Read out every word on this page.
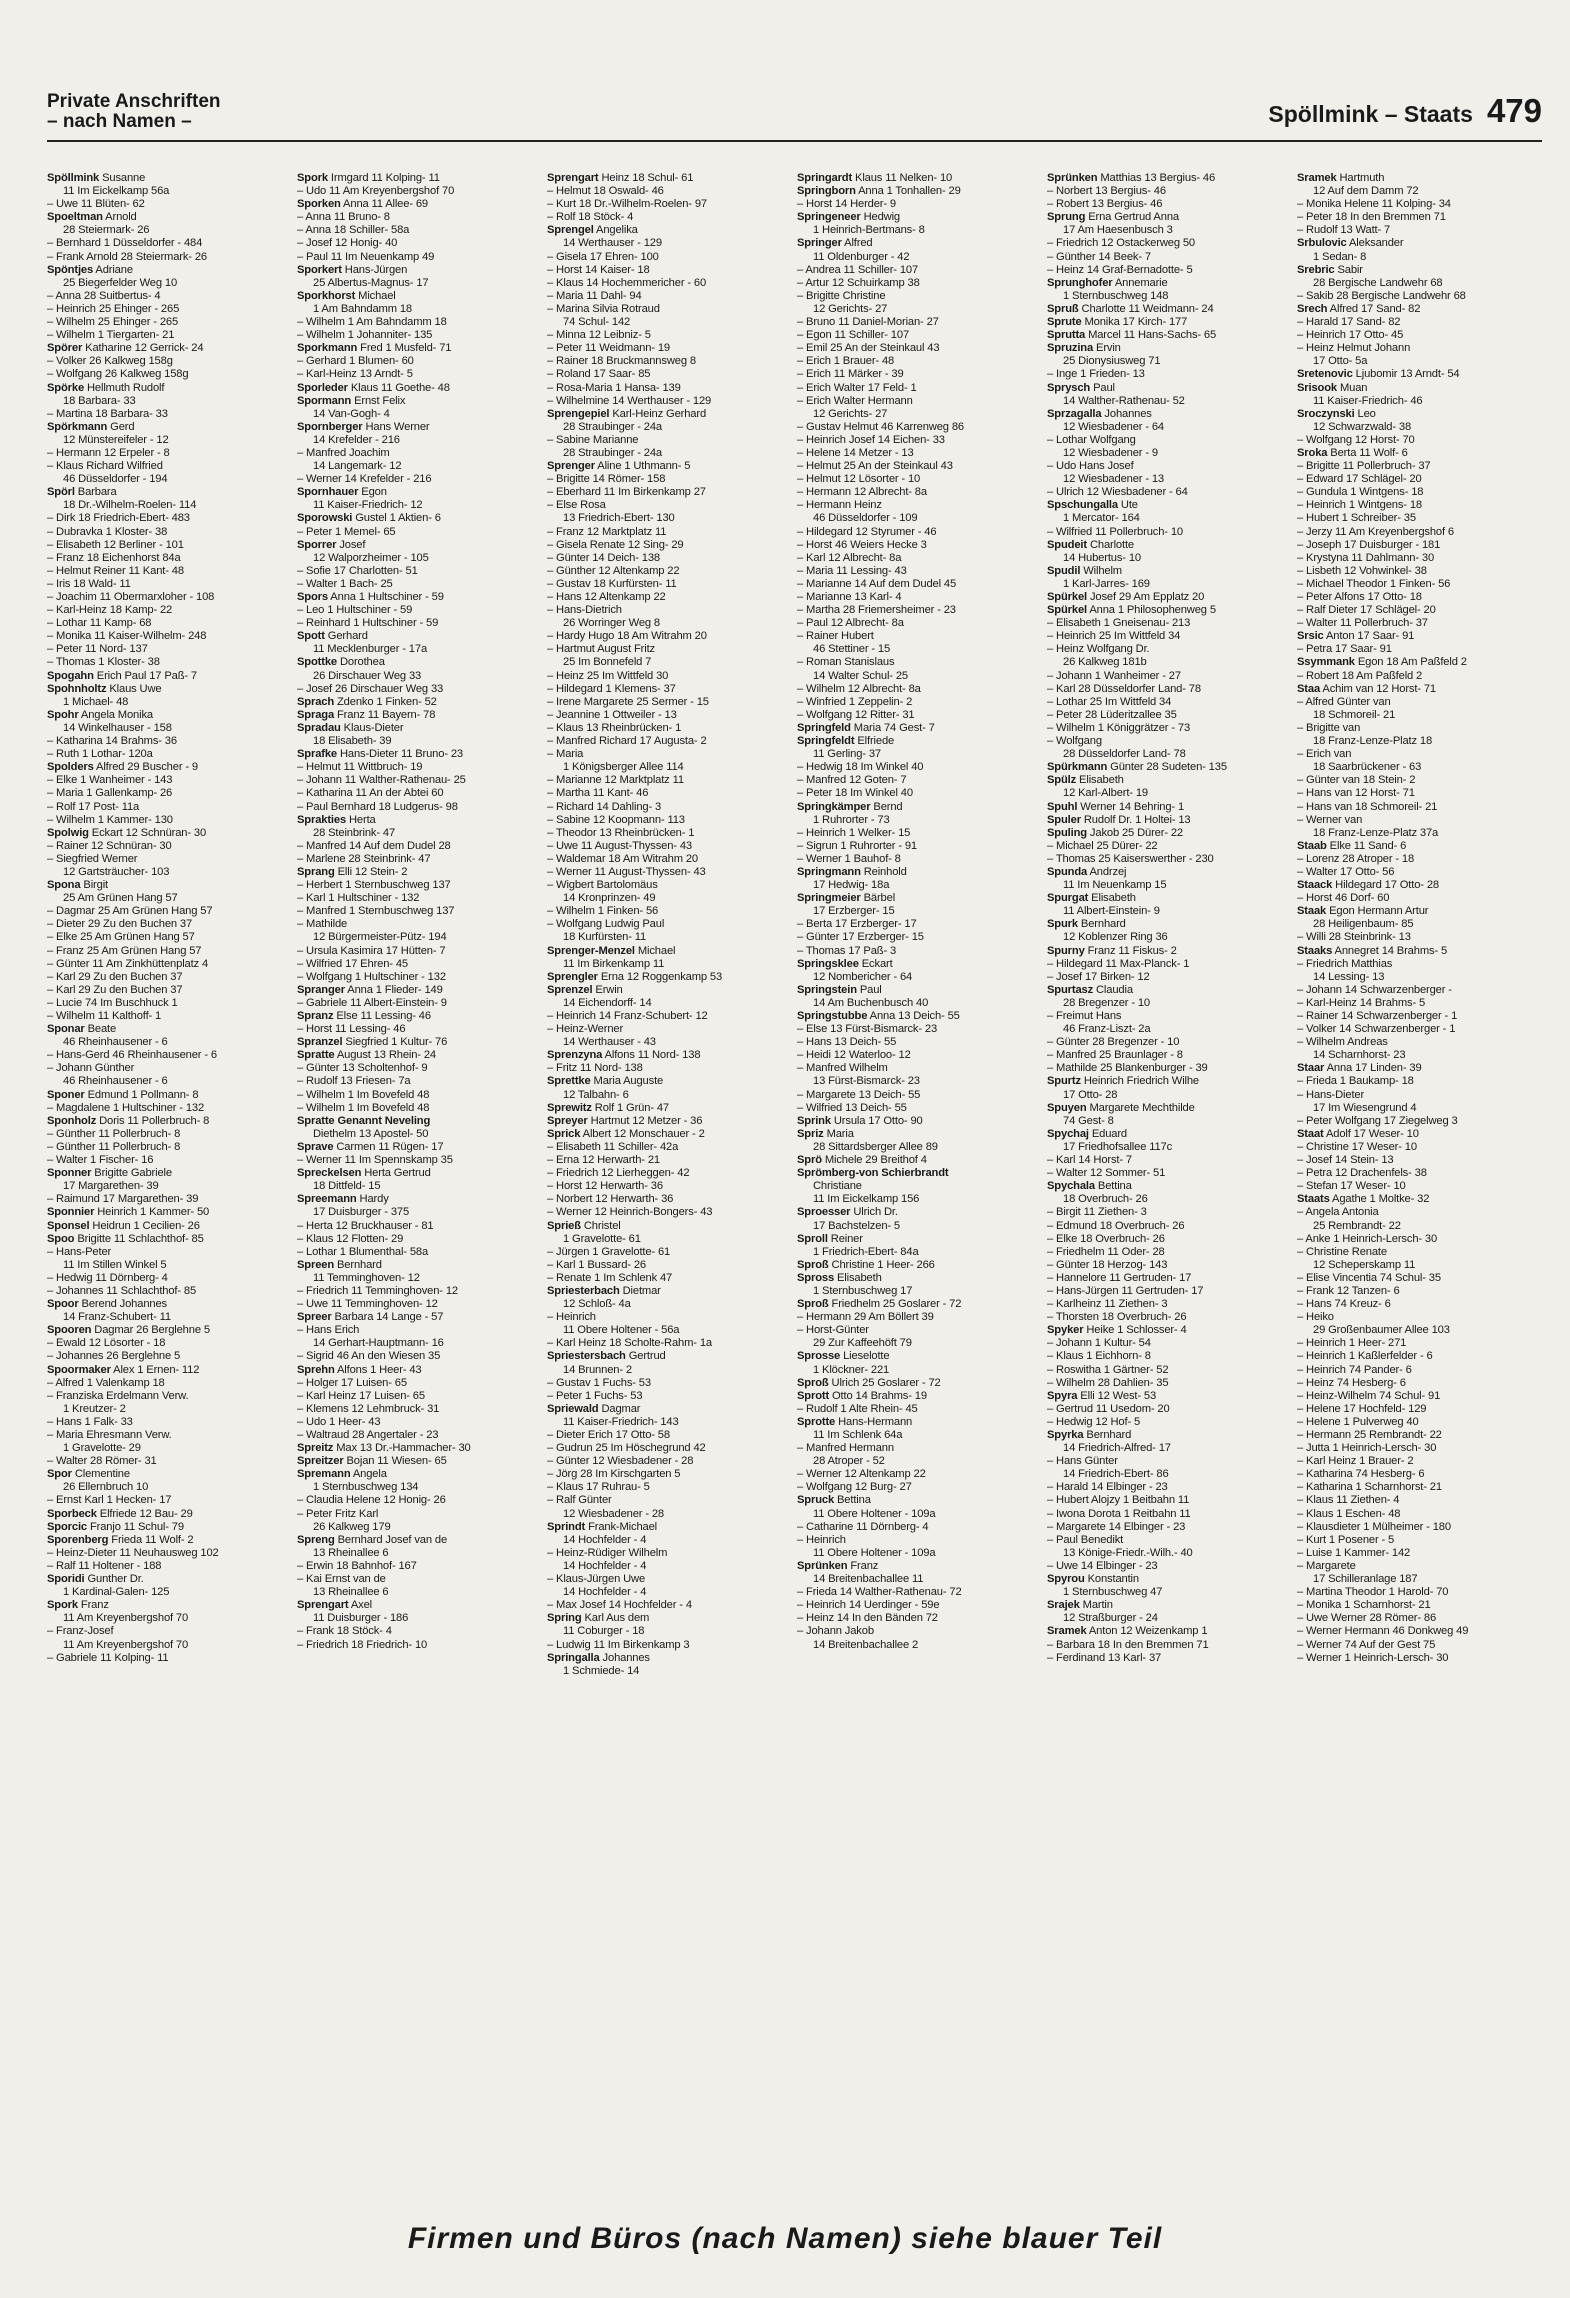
Private Anschriften
– nach Namen –	Spöllmink – Staats 479
Spöllmink Susanne
11 Im Eickelkamp 56a
– Uwe 11 Blüten- 62
Spoeltman Arnold
28 Steiermark- 26
– Bernhard 1 Düsseldorfer - 484
– Frank Arnold 28 Steiermark- 26
Spöntjes Adriane
25 Biegerfelder Weg 10
– Anna 28 Suitbertus- 4
– Heinrich 25 Ehinger - 265
– Wilhelm 25 Ehinger - 265
– Wilhelm 1 Tiergarten- 21
Spörer Katharine 12 Gerrick- 24
– Volker 26 Kalkweg 158g
– Wolfgang 26 Kalkweg 158g
Spörke Hellmuth Rudolf
18 Barbara- 33
– Martina 18 Barbara- 33
Spörkmann Gerd
12 Münstereifeler - 12
– Hermann 12 Erpeler - 8
– Klaus Richard Wilfried
46 Düsseldorfer - 194
Spörl Barbara
18 Dr.-Wilhelm-Roelen- 114
– Dirk 18 Friedrich-Ebert- 483
– Dubravka 1 Kloster- 38
– Elisabeth 12 Berliner - 101
– Franz 18 Eichenhorst 84a
– Helmut Reiner 11 Kant- 48
– Iris 18 Wald- 11
– Joachim 11 Obermarxloher - 108
– Karl-Heinz 18 Kamp- 22
– Lothar 11 Kamp- 68
– Monika 11 Kaiser-Wilhelm- 248
– Peter 11 Nord- 137
– Thomas 1 Kloster- 38
Spogahn Erich Paul 17 Paß- 7
Spohnholtz Klaus Uwe
1 Michael- 48
Spohr Angela Monika
14 Winkelhauser - 158
– Katharina 14 Brahms- 36
– Ruth 1 Lothar- 120a
Spolders Alfred 29 Buscher - 9
– Elke 1 Wanheimer - 143
– Maria 1 Gallenkamp- 26
– Rolf 17 Post- 11a
– Wilhelm 1 Kammer- 130
Spolwig Eckart 12 Schnüran- 30
– Rainer 12 Schnüran- 30
– Siegfried Werner
12 Gartsträucher- 103
Spona Birgit
25 Am Grünen Hang 57
– Dagmar 25 Am Grünen Hang 57
– Dieter 29 Zu den Buchen 37
– Elke 25 Am Grünen Hang 57
– Franz 25 Am Grünen Hang 57
– Günter 11 Am Zinkhüttenplatz 4
– Karl 29 Zu den Buchen 37
– Karl 29 Zu den Buchen 37
– Lucie 74 Im Buschhuck 1
– Wilhelm 11 Kalthoff- 1
Sponar Beate
46 Rheinhausener - 6
– Hans-Gerd 46 Rheinhausener - 6
– Johann Günther
46 Rheinhausener - 6
Sponer Edmund 1 Pollmann- 8
– Magdalene 1 Hultschiner - 132
Sponholz Doris 11 Pollerbruch- 8
– Günther 11 Pollerbruch- 8
– Günther 11 Pollerbruch- 8
– Walter 1 Fischer- 16
Sponner Brigitte Gabriele
17 Margarethen- 39
– Raimund 17 Margarethen- 39
Sponnier Heinrich 1 Kammer- 50
Sponsel Heidrun 1 Cecilien- 26
Spoo Brigitte 11 Schlachthof- 85
– Hans-Peter
11 Im Stillen Winkel 5
– Hedwig 11 Dörnberg- 4
– Johannes 11 Schlachthof- 85
Spoor Berend Johannes
14 Franz-Schubert- 11
Spooren Dagmar 26 Berglehne 5
– Ewald 12 Lösorter - 18
– Johannes 26 Berglehne 5
Spoormaker Alex 1 Ernen- 112
– Alfred 1 Valenkamp 18
– Franziska Erdelmann Verw.
1 Kreutzer- 2
– Hans 1 Falk- 33
– Maria Ehresmann Verw.
1 Gravelotte- 29
– Walter 28 Römer- 31
Spor Clementine
26 Ellernbruch 10
– Ernst Karl 1 Hecken- 17
Sporbeck Elfriede 12 Bau- 29
Sporcic Franjo 11 Schul- 79
Sporenberg Frieda 11 Wolf- 2
– Heinz-Dieter 11 Neuhausweg 102
– Ralf 11 Holtener - 188
Sporidi Gunther Dr.
1 Kardinal-Galen- 125
Spork Franz
11 Am Kreyenbergshof 70
– Franz-Josef
11 Am Kreyenbergshof 70
– Gabriele 11 Kolping- 11
Spork Irmgard 11 Kolping- 11
– Udo 11 Am Kreyenbergshof 70
Sporken Anna 11 Allee- 69
– Anna 11 Bruno- 8
– Anna 18 Schiller- 58a
– Josef 12 Honig- 40
– Paul 11 Im Neuenkamp 49
Sporkert Hans-Jürgen
25 Albertus-Magnus- 17
Sporkhorst Michael
1 Am Bahndamm 18
– Wilhelm 1 Am Bahndamm 18
– Wilhelm 1 Johanniter- 135
Sporkmann Fred 1 Musfeld- 71
– Gerhard 1 Blumen- 60
– Karl-Heinz 13 Arndt- 5
Sporleder Klaus 11 Goethe- 48
Spormann Ernst Felix
14 Van-Gogh- 4
Spornberger Hans Werner
14 Krefelder - 216
– Manfred Joachim
14 Langemark- 12
– Werner 14 Krefelder - 216
Spornhauer Egon
11 Kaiser-Friedrich- 12
Sporowski Gustel 1 Aktien- 6
– Peter 1 Memel- 65
Sporrer Josef
12 Walporzheimer - 105
– Sofie 17 Charlotten- 51
– Walter 1 Bach- 25
Spors Anna 1 Hultschiner - 59
– Leo 1 Hultschiner - 59
– Reinhard 1 Hultschiner - 59
Spott Gerhard
11 Mecklenburger - 17a
Spottke Dorothea
26 Dirschauer Weg 33
– Josef 26 Dirschauer Weg 33
Sprach Zdenko 1 Finken- 52
Spraga Franz 11 Bayern- 78
Spradau Klaus-Dieter
18 Elisabeth- 39
Sprafke Hans-Dieter 11 Bruno- 23
– Helmut 11 Wittbruch- 19
– Johann 11 Walther-Rathenau- 25
– Katharina 11 An der Abtei 60
– Paul Bernhard 18 Ludgerus- 98
Sprakties Herta
28 Steinbrink- 47
– Manfred 14 Auf dem Dudel 28
– Marlene 28 Steinbrink- 47
Sprang Elli 12 Stein- 2
– Herbert 1 Sternbuschweg 137
– Karl 1 Hultschiner - 132
– Manfred 1 Sternbuschweg 137
– Mathilde
12 Bürgermeister-Pütz- 194
– Ursula Kasimira 17 Hütten- 7
– Wilfried 17 Ehren- 45
– Wolfgang 1 Hultschiner - 132
Spranger Anna 1 Flieder- 149
– Gabriele 11 Albert-Einstein- 9
Spranz Else 11 Lessing- 46
– Horst 11 Lessing- 46
Spranzel Siegfried 1 Kultur- 76
Spratte August 13 Rhein- 24
– Günter 13 Scholtenhof- 9
– Rudolf 13 Friesen- 7a
– Wilhelm 1 Im Bovefeld 48
– Wilhelm 1 Im Bovefeld 48
Spratte Genannt Neveling
Diethelm 13 Apostel- 50
Sprave Carmen 11 Rügen- 17
– Werner 11 Im Spennskamp 35
Spreckelsen Herta Gertrud
18 Dittfeld- 15
Spreemann Hardy
17 Duisburger - 375
– Herta 12 Bruckhauser - 81
– Klaus 12 Flotten- 29
– Lothar 1 Blumenthal- 58a
Spreen Bernhard
11 Temminghoven- 12
– Friedrich 11 Temminghoven- 12
– Uwe 11 Temminghoven- 12
Spreer Barbara 14 Lange - 57
– Hans Erich
14 Gerhart-Hauptmann- 16
– Sigrid 46 An den Wiesen 35
Sprehn Alfons 1 Heer- 43
– Holger 17 Luisen- 65
– Karl Heinz 17 Luisen- 65
– Klemens 12 Lehmbruck- 31
– Udo 1 Heer- 43
– Waltraud 28 Angertaler - 23
Spreitz Max 13 Dr.-Hammacher- 30
Spreitzer Bojan 11 Wiesen- 65
Spremann Angela
1 Sternbuschweg 134
– Claudia Helene 12 Honig- 26
– Peter Fritz Karl
26 Kalkweg 179
Spreng Bernhard Josef van de
13 Rheinallee 6
– Erwin 18 Bahnhof- 167
– Kai Ernst van de
13 Rheinallee 6
Sprengart Axel
11 Duisburger - 186
– Frank 18 Stöck- 4
– Friedrich 18 Friedrich- 10
Sprengart Heinz 18 Schul- 61
– Helmut 18 Oswald- 46
– Kurt 18 Dr.-Wilhelm-Roelen- 97
– Rolf 18 Stöck- 4
Sprengel Angelika
14 Werthauser - 129
– Gisela 17 Ehren- 100
– Horst 14 Kaiser- 18
– Klaus 14 Hochemmericher - 60
– Maria 11 Dahl- 94
– Marina Silvia Rotraud
74 Schul- 142
– Minna 12 Leibniz- 5
– Peter 11 Weidmann- 19
– Rainer 18 Bruckmannsweg 8
– Roland 17 Saar- 85
– Rosa-Maria 1 Hansa- 139
– Wilhelmine 14 Werthauser - 129
Sprengepiel Karl-Heinz Gerhard
28 Straubinger - 24a
– Sabine Marianne
28 Straubinger - 24a
Sprenger Aline 1 Uthmann- 5
– Brigitte 14 Römer- 158
– Eberhard 11 Im Birkenkamp 27
– Else Rosa
13 Friedrich-Ebert- 130
– Franz 12 Marktplatz 11
– Gisela Renate 12 Sing- 29
– Günter 14 Deich- 138
– Günther 12 Altenkamp 22
– Gustav 18 Kurfürsten- 11
– Hans 12 Altenkamp 22
– Hans-Dietrich
26 Worringer Weg 8
– Hardy Hugo 18 Am Witrahm 20
– Hartmut August Fritz
25 Im Bonnefeld 7
– Heinz 25 Im Wittfeld 30
– Hildegard 1 Klemens- 37
– Irene Margarete 25 Sermer - 15
– Jeannine 1 Ottweiler - 13
– Klaus 13 Rheinbrücken- 1
– Manfred Richard 17 Augusta- 2
– Maria
1 Königsberger Allee 114
– Marianne 12 Marktplatz 11
– Martha 11 Kant- 46
– Richard 14 Dahling- 3
– Sabine 12 Koopmann- 113
– Theodor 13 Rheinbrücken- 1
– Uwe 11 August-Thyssen- 43
– Waldemar 18 Am Witrahm 20
– Werner 11 August-Thyssen- 43
– Wigbert Bartolomäus
14 Kronprinzen- 49
– Wilhelm 1 Finken- 56
– Wolfgang Ludwig Paul
18 Kurfürsten- 11
Sprenger-Menzel Michael
11 Im Birkenkamp 11
Sprengler Erna 12 Roggenkamp 53
Sprenzel Erwin
14 Eichendorff- 14
– Heinrich 14 Franz-Schubert- 12
– Heinz-Werner
14 Werthauser - 43
Sprenzyna Alfons 11 Nord- 138
– Fritz 11 Nord- 138
Sprettke Maria Auguste
12 Talbahn- 6
Sprewitz Rolf 1 Grün- 47
Spreyer Hartmut 12 Metzer - 36
Sprick Albert 12 Monschauer - 2
– Elisabeth 11 Schiller- 42a
– Erna 12 Herwarth- 21
– Friedrich 12 Lierheggen- 42
– Horst 12 Herwarth- 36
– Norbert 12 Herwarth- 36
– Werner 12 Heinrich-Bongers- 43
Sprieß Christel
1 Gravelotte- 61
– Jürgen 1 Gravelotte- 61
– Karl 1 Bussard- 26
– Renate 1 Im Schlenk 47
Spriesterbach Dietmar
12 Schloß- 4a
– Heinrich
11 Obere Holtener - 56a
– Karl Heinz 18 Scholte-Rahm- 1a
Spriestersbach Gertrud
14 Brunnen- 2
– Gustav 1 Fuchs- 53
– Peter 1 Fuchs- 53
Spriewald Dagmar
11 Kaiser-Friedrich- 143
– Dieter Erich 17 Otto- 58
– Gudrun 25 Im Höschegrund 42
– Günter 12 Wiesbadener - 28
– Jörg 28 Im Kirschgarten 5
– Klaus 17 Ruhrau- 5
– Ralf Günter
12 Wiesbadener - 28
Sprindt Frank-Michael
14 Hochfelder - 4
– Heinz-Rüdiger Wilhelm
14 Hochfelder - 4
– Klaus-Jürgen Uwe
14 Hochfelder - 4
– Max Josef 14 Hochfelder - 4
Spring Karl Aus dem
11 Coburger - 18
– Ludwig 11 Im Birkenkamp 3
Springalla Johannes
1 Schmiede- 14
Springardt Klaus 11 Nelken- 10
Springborn Anna 1 Tonhallen- 29
– Horst 14 Herder- 9
Springeneer Hedwig
1 Heinrich-Bertmans- 8
Springer Alfred
11 Oldenburger - 42
– Andrea 11 Schiller- 107
– Artur 12 Schuirkamp 38
– Brigitte Christine
12 Gerichts- 27
– Bruno 11 Daniel-Morian- 27
– Egon 11 Schiller- 107
– Emil 25 An der Steinkaul 43
– Erich 1 Brauer- 48
– Erich 11 Märker - 39
– Erich Walter 17 Feld- 1
– Erich Walter Hermann
12 Gerichts- 27
– Gustav Helmut 46 Karrenweg 86
– Heinrich Josef 14 Eichen- 33
– Helene 14 Metzer - 13
– Helmut 25 An der Steinkaul 43
– Helmut 12 Lösorter - 10
– Hermann 12 Albrecht- 8a
– Hermann Heinz
46 Düsseldorfer - 109
– Hildegard 12 Styrumer - 46
– Horst 46 Weiers Hecke 3
– Karl 12 Albrecht- 8a
– Maria 11 Lessing- 43
– Marianne 14 Auf dem Dudel 45
– Marianne 13 Karl- 4
– Martha 28 Friemersheimer - 23
– Paul 12 Albrecht- 8a
– Rainer Hubert
46 Stettiner - 15
– Roman Stanislaus
14 Walter Schul- 25
– Wilhelm 12 Albrecht- 8a
– Winfried 1 Zeppelin- 2
– Wolfgang 12 Ritter- 31
Springfeld Maria 74 Gest- 7
Springfeldt Elfriede
11 Gerling- 37
– Hedwig 18 Im Winkel 40
– Manfred 12 Goten- 7
– Peter 18 Im Winkel 40
Springkämper Bernd
1 Ruhrorter - 73
– Heinrich 1 Welker- 15
– Sigrun 1 Ruhrorter - 91
– Werner 1 Bauhof- 8
Springmann Reinhold
17 Hedwig- 18a
Springmeier Bärbel
17 Erzberger- 15
– Berta 17 Erzberger- 17
– Günter 17 Erzberger- 15
– Thomas 17 Paß- 3
Springsklee Eckart
12 Nombericher - 64
Springstein Paul
14 Am Buchenbusch 40
Springstubbe Anna 13 Deich- 55
– Else 13 Fürst-Bismarck- 23
– Hans 13 Deich- 55
– Heidi 12 Waterloo- 12
– Manfred Wilhelm
13 Fürst-Bismarck- 23
– Margarete 13 Deich- 55
– Wilfried 13 Deich- 55
Sprink Ursula 17 Otto- 90
Spriz Maria
28 Sittardsberger Allee 89
Sprö Michele 29 Breithof 4
Sprömberg-von Schierbrandt
Christiane
11 Im Eickelkamp 156
Sproesser Ulrich Dr.
17 Bachstelzen- 5
Sproll Reiner
1 Friedrich-Ebert- 84a
Sproß Christine 1 Heer- 266
Spross Elisabeth
1 Sternbuschweg 17
Sproß Friedhelm 25 Goslarer - 72
– Hermann 29 Am Böllert 39
– Horst-Günter
29 Zur Kaffeehöft 79
Sprosse Lieselotte
1 Klöckner- 221
Sproß Ulrich 25 Goslarer - 72
Sprott Otto 14 Brahms- 19
– Rudolf 1 Alte Rhein- 45
Sprotte Hans-Hermann
11 Im Schlenk 64a
– Manfred Hermann
28 Atroper - 52
– Werner 12 Altenkamp 22
– Wolfgang 12 Burg- 27
Spruck Bettina
11 Obere Holtener - 109a
– Catharine 11 Dörnberg- 4
– Heinrich
11 Obere Holtener - 109a
Sprünken Franz
14 Breitenbachallee 11
– Frieda 14 Walther-Rathenau- 72
– Heinrich 14 Uerdinger - 59e
– Heinz 14 In den Bänden 72
– Johann Jakob
14 Breitenbachallee 2
Sprünken Matthias 13 Bergius- 46
– Norbert 13 Bergius- 46
– Robert 13 Bergius- 46
Sprung Erna Gertrud Anna
17 Am Haesenbusch 3
– Friedrich 12 Ostackerweg 50
– Günther 14 Beek- 7
– Heinz 14 Graf-Bernadotte- 5
Sprunghofer Annemarie
1 Sternbuschweg 148
Spruß Charlotte 11 Weidmann- 24
Sprute Monika 17 Kirch- 177
Sprutta Marcel 11 Hans-Sachs- 65
Spruzina Ervin
25 Dionysiusweg 71
– Inge 1 Frieden- 13
Sprysch Paul
14 Walther-Rathenau- 52
Sprzagalla Johannes
12 Wiesbadener - 64
– Lothar Wolfgang
12 Wiesbadener - 9
– Udo Hans Josef
12 Wiesbadener - 13
– Ulrich 12 Wiesbadener - 64
Spschungalla Ute
1 Mercator- 164
– Wilfried 11 Pollerbruch- 10
Spudeit Charlotte
14 Hubertus- 10
Spudil Wilhelm
1 Karl-Jarres- 169
Spürkel Josef 29 Am Epplatz 20
Spürkel Anna 1 Philosophenweg 5
– Elisabeth 1 Gneisenau- 213
– Heinrich 25 Im Wittfeld 34
– Heinz Wolfgang Dr.
26 Kalkweg 181b
– Johann 1 Wanheimer - 27
– Karl 28 Düsseldorfer Land- 78
– Lothar 25 Im Wittfeld 34
– Peter 28 Lüderitzallee 35
– Wilhelm 1 Königgrätzer - 73
– Wolfgang
28 Düsseldorfer Land- 78
Spürkmann Günter 28 Sudeten- 135
Spülz Elisabeth
12 Karl-Albert- 19
Spuhl Werner 14 Behring- 1
Spuler Rudolf Dr. 1 Holtei- 13
Spuling Jakob 25 Dürer- 22
– Michael 25 Dürer- 22
– Thomas 25 Kaiserswerther - 230
Spunda Andrzej
11 Im Neuenkamp 15
Spurgat Elisabeth
11 Albert-Einstein- 9
Spurk Bernhard
12 Koblenzer Ring 36
Spurny Franz 11 Fiskus- 2
– Hildegard 11 Max-Planck- 1
– Josef 17 Birken- 12
Spurtasz Claudia
28 Bregenzer - 10
– Freimut Hans
46 Franz-Liszt- 2a
– Günter 28 Bregenzer - 10
– Manfred 25 Braunlager - 8
– Mathilde 25 Blankenburger - 39
Spurtz Heinrich Friedrich Wilhe
17 Otto- 28
Spuyen Margarete Mechthilde
74 Gest- 8
Spychaj Eduard
17 Friedhofsallee 117c
– Karl 14 Horst- 7
– Walter 12 Sommer- 51
Spychala Bettina
18 Overbruch- 26
– Birgit 11 Ziethen- 3
– Edmund 18 Overbruch- 26
– Elke 18 Overbruch- 26
– Friedhelm 11 Oder- 28
– Günter 18 Herzog- 143
– Hannelore 11 Gertruden- 17
– Hans-Jürgen 11 Gertruden- 17
– Karlheinz 11 Ziethen- 3
– Thorsten 18 Overbruch- 26
Spyker Heike 1 Schlosser- 4
– Johann 1 Kultur- 54
– Klaus 1 Eichhorn- 8
– Roswitha 1 Gärtner- 52
– Wilhelm 28 Dahlien- 35
Spyra Elli 12 West- 53
– Gertrud 11 Usedom- 20
– Hedwig 12 Hof- 5
Spyrka Bernhard
14 Friedrich-Alfred- 17
– Hans Günter
14 Friedrich-Ebert- 86
– Harald 14 Elbinger - 23
– Hubert Alojzy 1 Beitbahn 11
– Iwona Dorota 1 Reitbahn 11
– Margarete 14 Elbinger - 23
– Paul Benedikt
13 Könige-Friedr.-Wilh.- 40
– Uwe 14 Elbinger - 23
Spyrou Konstantin
1 Sternbuschweg 47
Srajek Martin
12 Straßburger - 24
Sramek Anton 12 Weizenkamp 1
– Barbara 18 In den Bremmen 71
– Ferdinand 13 Karl- 37
Sramek Hartmuth
12 Auf dem Damm 72
– Monika Helene 11 Kolping- 34
– Peter 18 In den Bremmen 71
– Rudolf 13 Watt- 7
Srbulovic Aleksander
1 Sedan- 8
Srebric Sabir
28 Bergische Landwehr 68
– Sakib 28 Bergische Landwehr 68
Srech Alfred 17 Sand- 82
– Harald 17 Sand- 82
– Heinrich 17 Otto- 45
– Heinz Helmut Johann
17 Otto- 5a
Sretenovic Ljubomir 13 Arndt- 54
Srisook Muan
11 Kaiser-Friedrich- 46
Sroczynski Leo
12 Schwarzwald- 38
– Wolfgang 12 Horst- 70
Sroka Berta 11 Wolf- 6
– Brigitte 11 Pollerbruch- 37
– Edward 17 Schlägel- 20
– Gundula 1 Wintgens- 18
– Heinrich 1 Wintgens- 18
– Hubert 1 Schreiber- 35
– Jerzy 11 Am Kreyenbergshof 6
– Joseph 17 Duisburger - 181
– Krystyna 11 Dahlmann- 30
– Lisbeth 12 Vohwinkel- 38
– Michael Theodor 1 Finken- 56
– Peter Alfons 17 Otto- 18
– Ralf Dieter 17 Schlägel- 20
– Walter 11 Pollerbruch- 37
Srsic Anton 17 Saar- 91
– Petra 17 Saar- 91
Ssymmank Egon 18 Am Paßfeld 2
– Robert 18 Am Paßfeld 2
Staa Achim van 12 Horst- 71
– Alfred Günter van
18 Schmoreil- 21
– Brigitte van
18 Franz-Lenze-Platz 18
– Erich van
18 Saarbrückener - 63
– Günter van 18 Stein- 2
– Hans van 12 Horst- 71
– Hans van 18 Schmoreil- 21
– Werner van
18 Franz-Lenze-Platz 37a
Staab Elke 11 Sand- 6
– Lorenz 28 Atroper - 18
– Walter 17 Otto- 56
Staack Hildegard 17 Otto- 28
– Horst 46 Dorf- 60
Staak Egon Hermann Artur
28 Heiligenbaum- 85
– Willi 28 Steinbrink- 13
Staaks Annegret 14 Brahms- 5
– Friedrich Matthias
14 Lessing- 13
– Johann 14 Schwarzenberger -
– Karl-Heinz 14 Brahms- 5
– Rainer 14 Schwarzenberger - 1
– Volker 14 Schwarzenberger - 1
– Wilhelm Andreas
14 Scharnhorst- 23
Staar Anna 17 Linden- 39
– Frieda 1 Baukamp- 18
– Hans-Dieter
17 Im Wiesengrund 4
– Peter Wolfgang 17 Ziegelweg 3
Staat Adolf 17 Weser- 10
– Christine 17 Weser- 10
– Josef 14 Stein- 13
– Petra 12 Drachenfels- 38
– Stefan 17 Weser- 10
Staats Agathe 1 Moltke- 32
– Angela Antonia
25 Rembrandt- 22
– Anke 1 Heinrich-Lersch- 30
– Christine Renate
12 Scheperskamp 11
– Elise Vincentia 74 Schul- 35
– Frank 12 Tanzen- 6
– Hans 74 Kreuz- 6
– Heiko
29 Großenbaumer Allee 103
– Heinrich 1 Heer- 271
– Heinrich 1 Kaßlerfelder - 6
– Heinrich 74 Pander- 6
– Heinz 74 Hesberg- 6
– Heinz-Wilhelm 74 Schul- 91
– Helene 17 Hochfeld- 129
– Helene 1 Pulverweg 40
– Hermann 25 Rembrandt- 22
– Jutta 1 Heinrich-Lersch- 30
– Karl Heinz 1 Brauer- 2
– Katharina 74 Hesberg- 6
– Katharina 1 Scharnhorst- 21
– Klaus 11 Ziethen- 4
– Klaus 1 Eschen- 48
– Klausdieter 1 Mülheimer - 180
– Kurt 1 Posener - 5
– Luise 1 Kammer- 142
– Margarete
17 Schilleranlage 187
– Martina Theodor 1 Harold- 70
– Monika 1 Scharnhorst- 21
– Uwe Werner 28 Römer- 86
– Werner Hermann 46 Donkweg 49
– Werner 74 Auf der Gest 75
– Werner 1 Heinrich-Lersch- 30
Firmen und Büros (nach Namen) siehe blauer Teil
